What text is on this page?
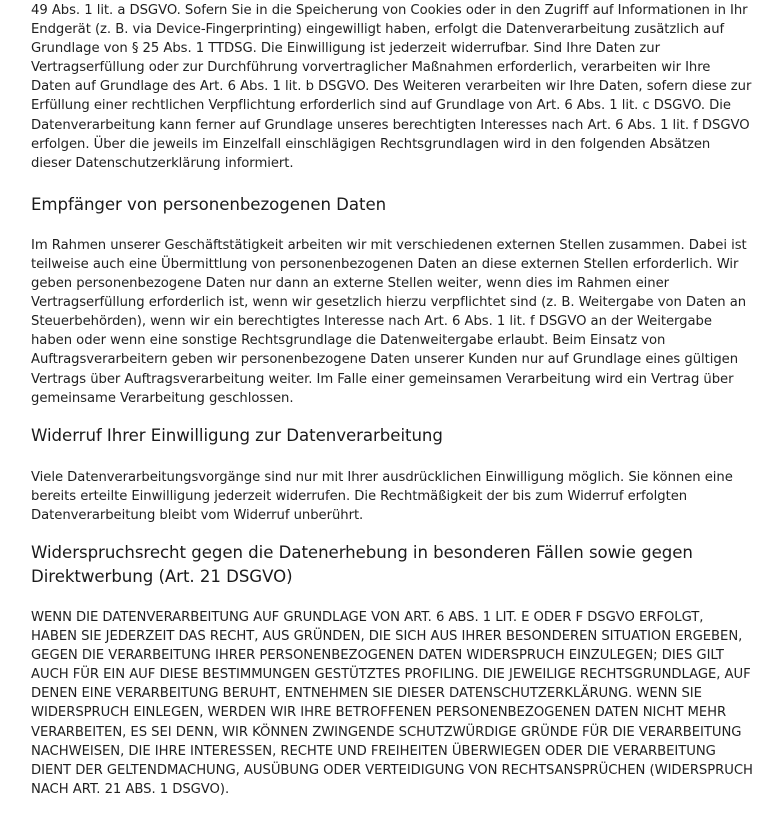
49 Abs. 1 lit. a DSGVO. Sofern Sie in die Speicherung von Cookies oder in den Zugriff auf Informationen in Ihr Endgerät (z. B. via Device-Fingerprinting) eingewilligt haben, erfolgt die Datenverarbeitung zusätzlich auf Grundlage von § 25 Abs. 1 TTDSG. Die Einwilligung ist jederzeit widerrufbar. Sind Ihre Daten zur Vertragserfüllung oder zur Durchführung vorvertraglicher Maßnahmen erforderlich, verarbeiten wir Ihre Daten auf Grundlage des Art. 6 Abs. 1 lit. b DSGVO. Des Weiteren verarbeiten wir Ihre Daten, sofern diese zur Erfüllung einer rechtlichen Verpflichtung erforderlich sind auf Grundlage von Art. 6 Abs. 1 lit. c DSGVO. Die Datenverarbeitung kann ferner auf Grundlage unseres berechtigten Interesses nach Art. 6 Abs. 1 lit. f DSGVO erfolgen. Über die jeweils im Einzelfall einschlägigen Rechtsgrundlagen wird in den folgenden Absätzen dieser Datenschutzerklärung informiert.

Empfänger von personenbezogenen Daten

Im Rahmen unserer Geschäftstätigkeit arbeiten wir mit verschiedenen externen Stellen zusammen. Dabei ist teilweise auch eine Übermittlung von personenbezogenen Daten an diese externen Stellen erforderlich. Wir geben personenbezogene Daten nur dann an externe Stellen weiter, wenn dies im Rahmen einer Vertragserfüllung erforderlich ist, wenn wir gesetzlich hierzu verpflichtet sind (z. B. Weitergabe von Daten an Steuerbehörden), wenn wir ein berechtigtes Interesse nach Art. 6 Abs. 1 lit. f DSGVO an der Weitergabe haben oder wenn eine sonstige Rechtsgrundlage die Datenweitergabe erlaubt. Beim Einsatz von Auftragsverarbeitern geben wir personenbezogene Daten unserer Kunden nur auf Grundlage eines gültigen Vertrags über Auftragsverarbeitung weiter. Im Falle einer gemeinsamen Verarbeitung wird ein Vertrag über gemeinsame Verarbeitung geschlossen.

Widerruf Ihrer Einwilligung zur Datenverarbeitung

Viele Datenverarbeitungsvorgänge sind nur mit Ihrer ausdrücklichen Einwilligung möglich. Sie können eine bereits erteilte Einwilligung jederzeit widerrufen. Die Rechtmäßigkeit der bis zum Widerruf erfolgten Datenverarbeitung bleibt vom Widerruf unberührt.

Widerspruchsrecht gegen die Datenerhebung in besonderen Fällen sowie gegen Direktwerbung (Art. 21 DSGVO)

WENN DIE DATENVERARBEITUNG AUF GRUNDLAGE VON ART. 6 ABS. 1 LIT. E ODER F DSGVO ERFOLGT, HABEN SIE JEDERZEIT DAS RECHT, AUS GRÜNDEN, DIE SICH AUS IHRER BESONDEREN SITUATION ERGEBEN, GEGEN DIE VERARBEITUNG IHRER PERSONENBEZOGENEN DATEN WIDERSPRUCH EINZULEGEN; DIES GILT AUCH FÜR EIN AUF DIESE BESTIMMUNGEN GESTÜTZTES PROFILING. DIE JEWEILIGE RECHTSGRUNDLAGE, AUF DENEN EINE VERARBEITUNG BERUHT, ENTNEHMEN SIE DIESER DATENSCHUTZERKLÄRUNG. WENN SIE WIDERSPRUCH EINLEGEN, WERDEN WIR IHRE BETROFFENEN PERSONENBEZOGENEN DATEN NICHT MEHR VERARBEITEN, ES SEI DENN, WIR KÖNNEN ZWINGENDE SCHUTZWÜRDIGE GRÜNDE FÜR DIE VERARBEITUNG NACHWEISEN, DIE IHRE INTERESSEN, RECHTE UND FREIHEITEN ÜBERWIEGEN ODER DIE VERARBEITUNG DIENT DER GELTENDMACHUNG, AUSÜBUNG ODER VERTEIDIGUNG VON RECHTSANSPRÜCHEN (WIDERSPRUCH NACH ART. 21 ABS. 1 DSGVO).
